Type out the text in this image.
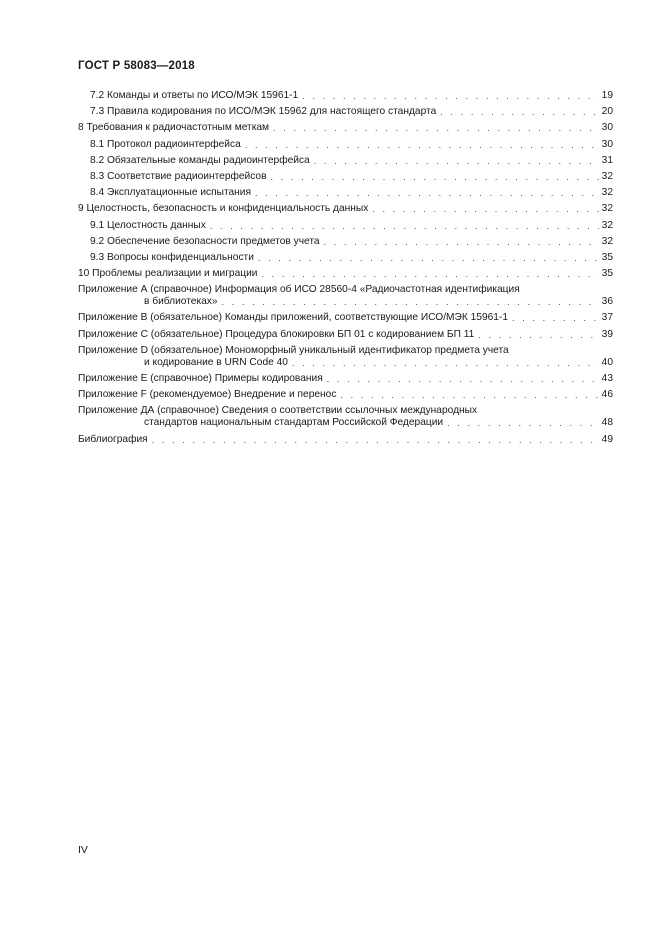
ГОСТ Р 58083—2018
7.2 Команды и ответы по ИСО/МЭК 15961-1 . . .	19
7.3 Правила кодирования по ИСО/МЭК 15962 для настоящего стандарта . . .	20
8 Требования к радиочастотным меткам . . .	30
8.1 Протокол радиоинтерфейса . . .	30
8.2 Обязательные команды радиоинтерфейса . . .	31
8.3 Соответствие радиоинтерфейсов . . .	32
8.4 Эксплуатационные испытания . . .	32
9 Целостность, безопасность и конфиденциальность данных . . .	32
9.1 Целостность данных . . .	32
9.2 Обеспечение безопасности предметов учета . . .	32
9.3 Вопросы конфиденциальности . . .	35
10 Проблемы реализации и миграции . . .	35
Приложение А (справочное) Информация об ИСО 28560-4 «Радиочастотная идентификация
в библиотеках» . . .	36
Приложение В (обязательное) Команды приложений, соответствующие ИСО/МЭК 15961-1 . . .	37
Приложение С (обязательное) Процедура блокировки БП 01 с кодированием БП 11 . . .	39
Приложение D (обязательное) Мономорфный уникальный идентификатор предмета учета
и кодирование в URN Code 40 . . .	40
Приложение Е (справочное) Примеры кодирования . . .	43
Приложение F (рекомендуемое) Внедрение и перенос . . .	46
Приложение ДА (справочное) Сведения о соответствии ссылочных международных
стандартов национальным стандартам Российской Федерации . . .	48
Библиография . . .	49
IV
